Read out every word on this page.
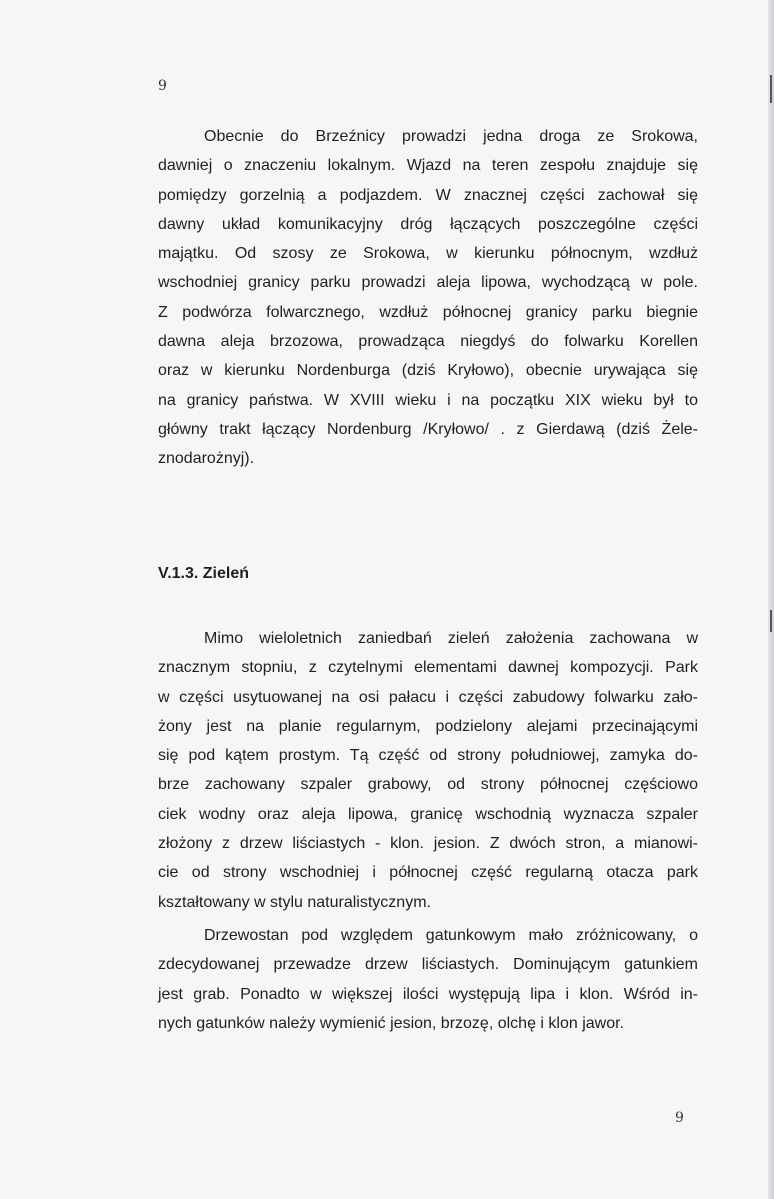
9

Obecnie do Brzeźnicy prowadzi jedna droga ze Srokowa,
dawniej o znaczeniu lokalnym. Wjazd na teren zespołu znajduje się
pomiędzy gorzelnią a podjazdem. W znacznej części zachował się
dawny układ komunikacyjny dróg łączących poszczególne części
majątku. Od szosy ze Srokowa, w kierunku północnym, wzdłuż
wschodniej granicy parku prowadzi aleja lipowa, wychodzącą w pole.
Z podwórza folwarcznego, wzdłuż północnej granicy parku biegnie
dawna aleja brzozowa, prowadząca niegdyś do folwarku Korellen
oraz w kierunku Nordenburga (dziś Kryłowo), obecnie urywająca się
na granicy państwa. W XVIII wieku i na początku XIX wieku był to
główny trakt łączący Nordenburg /Kryłowo/ . z Gierdawą (dziś Żele-
znodarożnyj).

V.1.3. Zieleń

Mimo wieloletnich zaniedbań zieleń założenia zachowana w
znacznym stopniu, z czytelnymi elementami dawnej kompozycji. Park
w części usytuowanej na osi pałacu i części zabudowy folwarku zało-
żony jest na planie regularnym, podzielony alejami przecinającymi
się pod kątem prostym. Tą część od strony południowej, zamyka do-
brze zachowany szpaler grabowy, od strony północnej częściowo
ciek wodny oraz aleja lipowa, granicę wschodnią wyznacza szpaler
złożony z drzew liściastych - klon. jesion. Z dwóch stron, a mianowi-
cie od strony wschodniej i północnej część regularną otacza park
kształtowany w stylu naturalistycznym.

Drzewostan pod względem gatunkowym mało zróżnicowany, o
zdecydowanej przewadze drzew liściastych. Dominującym gatunkiem
jest grab. Ponadto w większej ilości występują lipa i klon. Wśród in-
nych gatunków należy wymienić jesion, brzozę, olchę i klon jawor.

9
